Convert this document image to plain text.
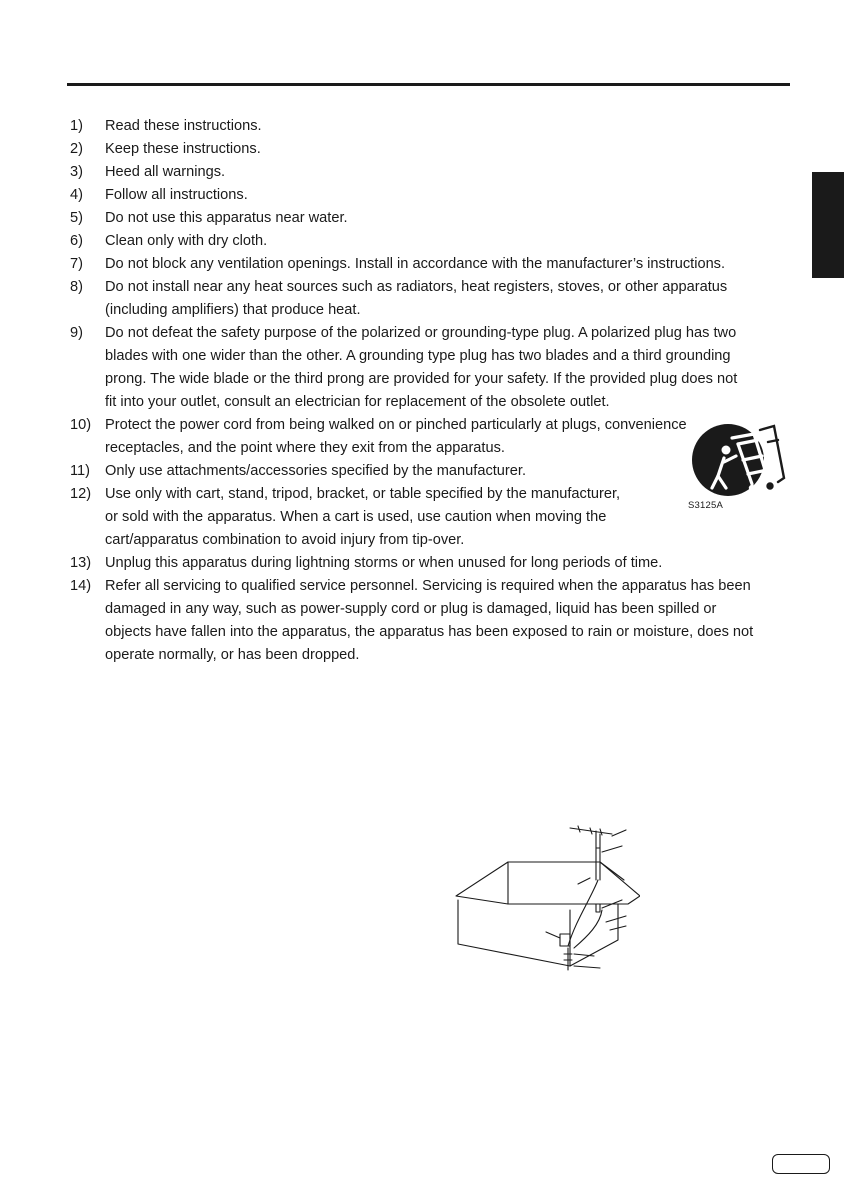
1) Read these instructions.
2) Keep these instructions.
3) Heed all warnings.
4) Follow all instructions.
5) Do not use this apparatus near water.
6) Clean only with dry cloth.
7) Do not block any ventilation openings. Install in accordance with the manufacturer’s instructions.
8) Do not install near any heat sources such as radiators, heat registers, stoves, or other apparatus
(including amplifiers) that produce heat.
9) Do not defeat the safety purpose of the polarized or grounding-type plug. A polarized plug has two
blades with one wider than the other. A grounding type plug has two blades and a third grounding
prong. The wide blade or the third prong are provided for your safety. If the provided plug does not
fit into your outlet, consult an electrician for replacement of the obsolete outlet.
10) Protect the power cord from being walked on or pinched particularly at plugs, convenience
receptacles, and the point where they exit from the apparatus.
11) Only use attachments/accessories specified by the manufacturer.
12) Use only with cart, stand, tripod, bracket, or table specified by the manufacturer,
or sold with the apparatus. When a cart is used, use caution when moving the
cart/apparatus combination to avoid injury from tip-over.
13) Unplug this apparatus during lightning storms or when unused for long periods of time.
14) Refer all servicing to qualified service personnel. Servicing is required when the apparatus has been
damaged in any way, such as power-supply cord or plug is damaged, liquid has been spilled or
objects have fallen into the apparatus, the apparatus has been exposed to rain or moisture, does not
operate normally, or has been dropped.
S3125A
